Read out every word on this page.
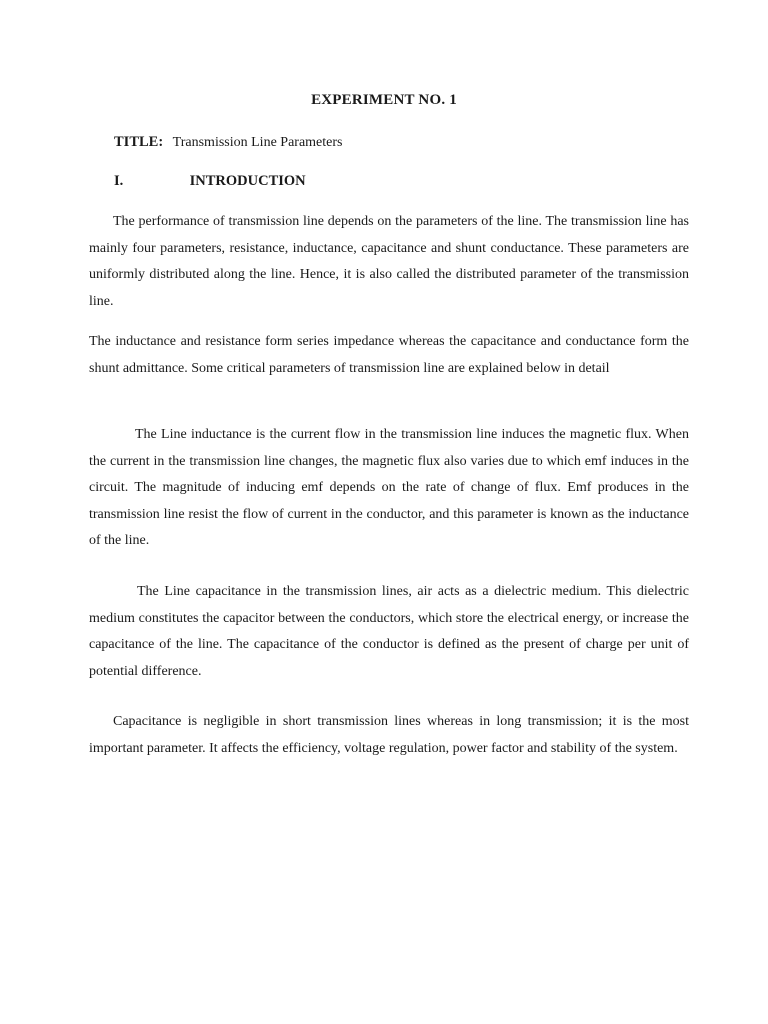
EXPERIMENT NO. 1
TITLE: Transmission Line Parameters
I.	INTRODUCTION

The performance of transmission line depends on the parameters of the line. The transmission line has mainly four parameters, resistance, inductance, capacitance and shunt conductance. These parameters are uniformly distributed along the line. Hence, it is also called the distributed parameter of the transmission line.

The inductance and resistance form series impedance whereas the capacitance and conductance form the shunt admittance. Some critical parameters of transmission line are explained below in detail

The Line inductance is the current flow in the transmission line induces the magnetic flux. When the current in the transmission line changes, the magnetic flux also varies due to which emf induces in the circuit. The magnitude of inducing emf depends on the rate of change of flux. Emf produces in the transmission line resist the flow of current in the conductor, and this parameter is known as the inductance of the line.

The Line capacitance in the transmission lines, air acts as a dielectric medium. This dielectric medium constitutes the capacitor between the conductors, which store the electrical energy, or increase the capacitance of the line. The capacitance of the conductor is defined as the present of charge per unit of potential difference.

Capacitance is negligible in short transmission lines whereas in long transmission; it is the most important parameter. It affects the efficiency, voltage regulation, power factor and stability of the system.
